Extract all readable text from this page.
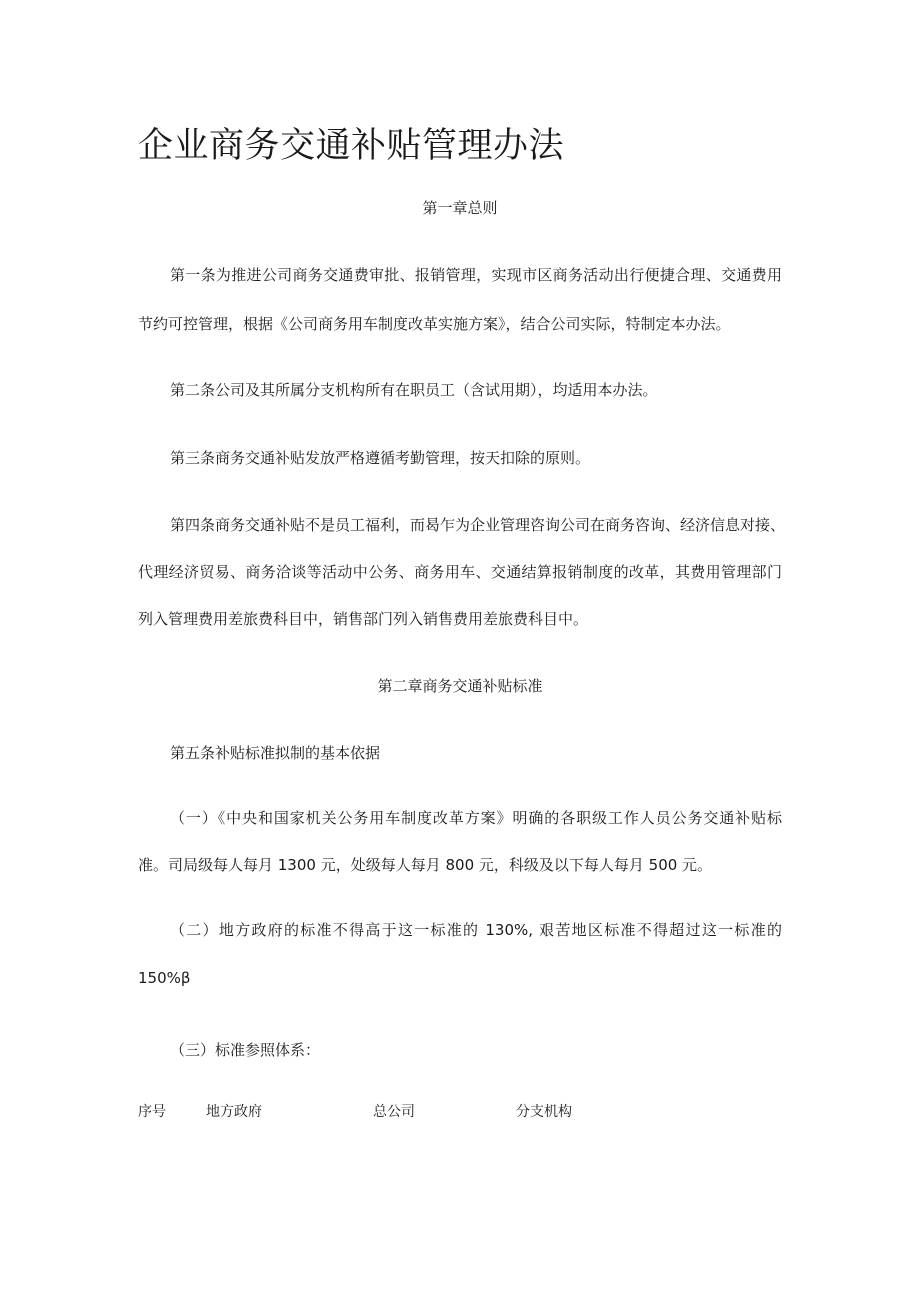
企业商务交通补贴管理办法
第一章总则

第一条为推进公司商务交通费审批、报销管理，实现市区商务活动出行便捷合理、交通费用

节约可控管理，根据《公司商务用车制度改革实施方案》，结合公司实际，特制定本办法。

第二条公司及其所属分支机构所有在职员工（含试用期），均适用本办法。

第三条商务交通补贴发放严格遵循考勤管理，按天扣除的原则。

第四条商务交通补贴不是员工福利，而曷乍为企业管理咨询公司在商务咨询、经济信息对接、

代理经济贸易、商务洽谈等活动中公务、商务用车、交通结算报销制度的改革，其费用管理部门

列入管理费用差旅费科目中，销售部门列入销售费用差旅费科目中。

第二章商务交通补贴标准

第五条补贴标准拟制的基本依据

（一）《中央和国家机关公务用车制度改革方案》明确的各职级工作人员公务交通补贴标

准。司局级每人每月 1300 元，处级每人每月 800 元，科级及以下每人每月 500 元。

（二）地方政府的标准不得高于这一标准的 130%, 艰苦地区标准不得超过这一标准的

150%β

（三）标准参照体系：

序号	地方政府	总公司	分支机构
